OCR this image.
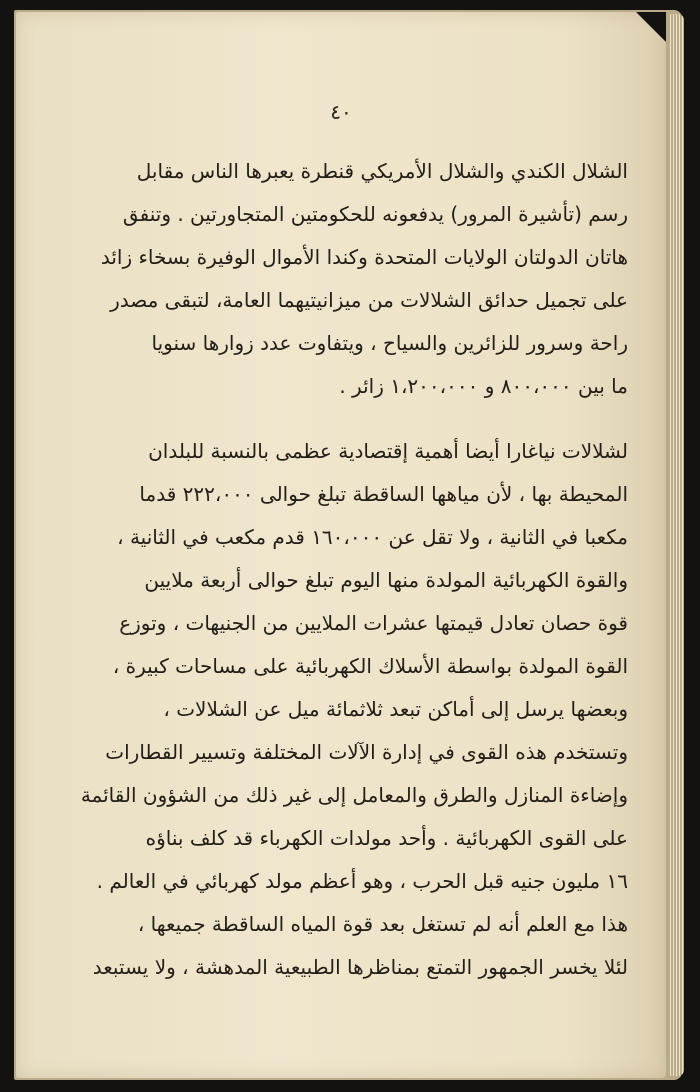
٤٠
الشلال الكندي والشلال الأمريكي قنطرة يعبرها الناس مقابل
رسم (تأشيرة المرور) يدفعونه للحكومتين المتجاورتين . وتنفق
هاتان الدولتان الولايات المتحدة وكندا الأموال الوفيرة بسخاء زائد
على تجميل حدائق الشلالات من ميزانيتيهما العامة، لتبقى مصدر
راحة وسرور للزائرين والسياح ، ويتفاوت عدد زوارها سنويا
ما بين ٨٠٠،٠٠٠ و ١،٢٠٠،٠٠٠ زائر .
لشلالات نياغارا أيضا أهمية إقتصادية عظمى بالنسبة للبلدان
المحيطة بها ، لأن مياهها الساقطة تبلغ حوالى ٢٢٢،٠٠٠ قدما
مكعبا في الثانية ، ولا تقل عن ١٦٠،٠٠٠ قدم مكعب في الثانية ،
والقوة الكهربائية المولدة منها اليوم تبلغ حوالى أربعة ملايين
قوة حصان تعادل قيمتها عشرات الملايين من الجنيهات ، وتوزع
القوة المولدة بواسطة الأسلاك الكهربائية على مساحات كبيرة ،
وبعضها يرسل إلى أماكن تبعد ثلاثمائة ميل عن الشلالات ،
وتستخدم هذه القوى في إدارة الآلات المختلفة وتسيير القطارات
وإضاءة المنازل والطرق والمعامل إلى غير ذلك من الشؤون القائمة
على القوى الكهربائية . وأحد مولدات الكهرباء قد كلف بناؤه
١٦ مليون جنيه قبل الحرب ، وهو أعظم مولد كهربائي في العالم .
هذا مع العلم أنه لم تستغل بعد قوة المياه الساقطة جميعها ،
لئلا يخسر الجمهور التمتع بمناظرها الطبيعية المدهشة ، ولا يستبعد
